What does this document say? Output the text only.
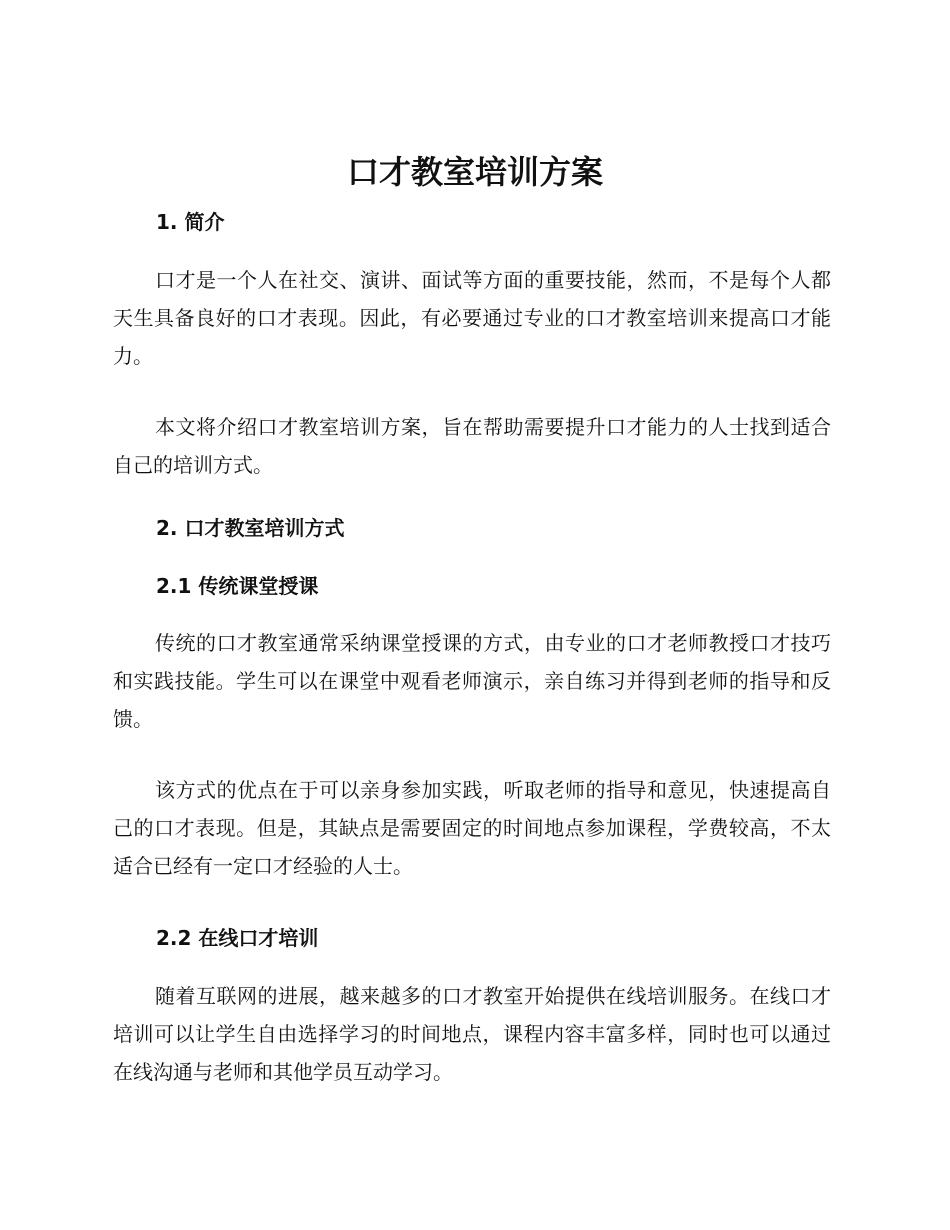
口才教室培训方案
1. 简介

口才是一个人在社交、演讲、面试等方面的重要技能，然而，不是每个人都天生具备良好的口才表现。因此，有必要通过专业的口才教室培训来提高口才能力。

本文将介绍口才教室培训方案，旨在帮助需要提升口才能力的人士找到适合自己的培训方式。

2. 口才教室培训方式
2.1 传统课堂授课

传统的口才教室通常采纳课堂授课的方式，由专业的口才老师教授口才技巧和实践技能。学生可以在课堂中观看老师演示，亲自练习并得到老师的指导和反馈。

该方式的优点在于可以亲身参加实践，听取老师的指导和意见，快速提高自己的口才表现。但是，其缺点是需要固定的时间地点参加课程，学费较高，不太适合已经有一定口才经验的人士。

2.2 在线口才培训

随着互联网的进展，越来越多的口才教室开始提供在线培训服务。在线口才培训可以让学生自由选择学习的时间地点，课程内容丰富多样，同时也可以通过在线沟通与老师和其他学员互动学习。
